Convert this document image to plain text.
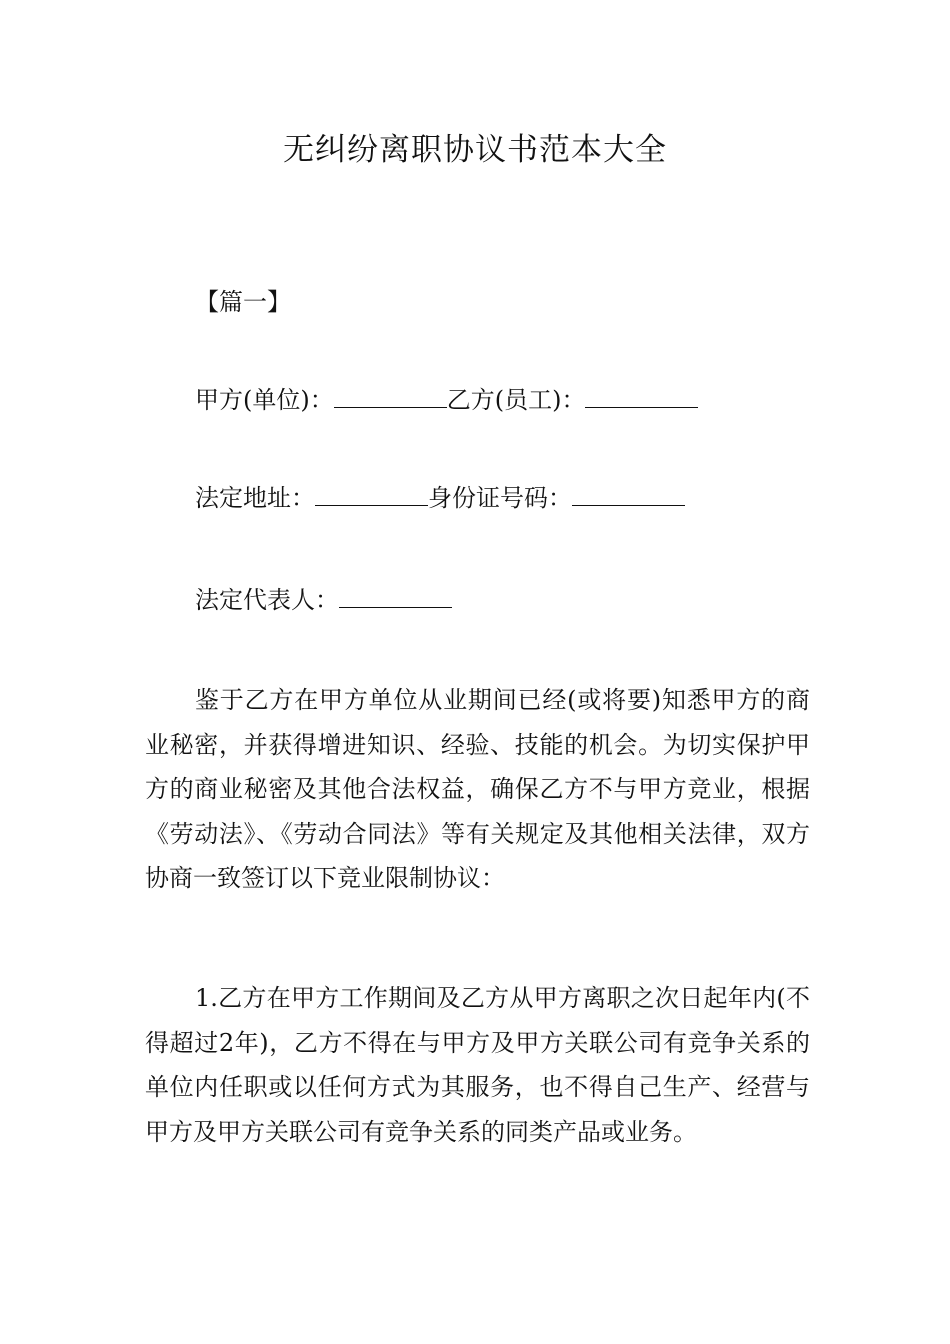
无纠纷离职协议书范本大全
【篇一】
甲方(单位)：	乙方(员工)：
法定地址：	身份证号码：
法定代表人：

鉴于乙方在甲方单位从业期间已经(或将要)知悉甲方的商业秘密，并获得增进知识、经验、技能的机会。为切实保护甲方的商业秘密及其他合法权益，确保乙方不与甲方竞业，根据《劳动法》、《劳动合同法》等有关规定及其他相关法律，双方协商一致签订以下竞业限制协议：

1.乙方在甲方工作期间及乙方从甲方离职之次日起年内(不得超过2年)，乙方不得在与甲方及甲方关联公司有竞争关系的单位内任职或以任何方式为其服务，也不得自己生产、经营与甲方及甲方关联公司有竞争关系的同类产品或业务。
